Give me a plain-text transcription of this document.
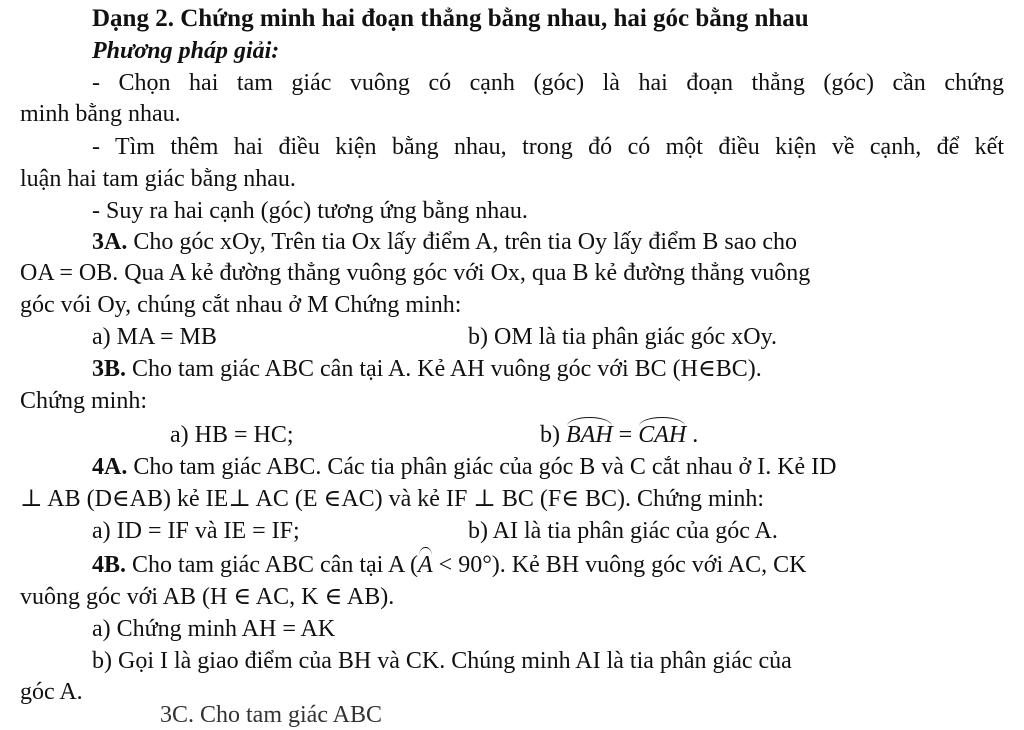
Dạng 2. Chứng minh hai đoạn thẳng bằng nhau, hai góc bằng nhau
Phương pháp giải:
- Chọn hai tam giác vuông có cạnh (góc) là hai đoạn thẳng (góc) cần chứng
minh bằng nhau.
- Tìm thêm hai điều kiện bằng nhau, trong đó có một điều kiện về cạnh, để kết
luận hai tam giác bằng nhau.
- Suy ra hai cạnh (góc) tương ứng bằng nhau.
3A. Cho góc xOy, Trên tia Ox lấy điểm A, trên tia Oy lấy điểm B sao cho
OA = OB. Qua A kẻ đường thẳng vuông góc với Ox, qua B kẻ đường thẳng vuông
góc vói Oy, chúng cắt nhau ở M Chứng minh:
a) MA = MB	b) OM là tia phân giác góc xOy.
3B. Cho tam giác ABC cân tại A. Kẻ AH vuông góc với BC (H∈BC).
Chứng minh:
a) HB = HC;	b) BAH = CAH .
4A. Cho tam giác ABC. Các tia phân giác của góc B và C cắt nhau ở I. Kẻ ID
⊥ AB (D∈AB) kẻ IE⊥ AC (E ∈AC) và kẻ IF ⊥ BC (F∈ BC). Chứng minh:
a) ID = IF và IE = IF;	b) AI là tia phân giác của góc A.
4B. Cho tam giác ABC cân tại A (A < 90°). Kẻ BH vuông góc với AC, CK
vuông góc với AB (H ∈ AC, K ∈ AB).
a) Chứng minh AH = AK
b) Gọi I là giao điểm của BH và CK. Chúng minh AI là tia phân giác của
góc A.
3C. Cho tam giác ABC
